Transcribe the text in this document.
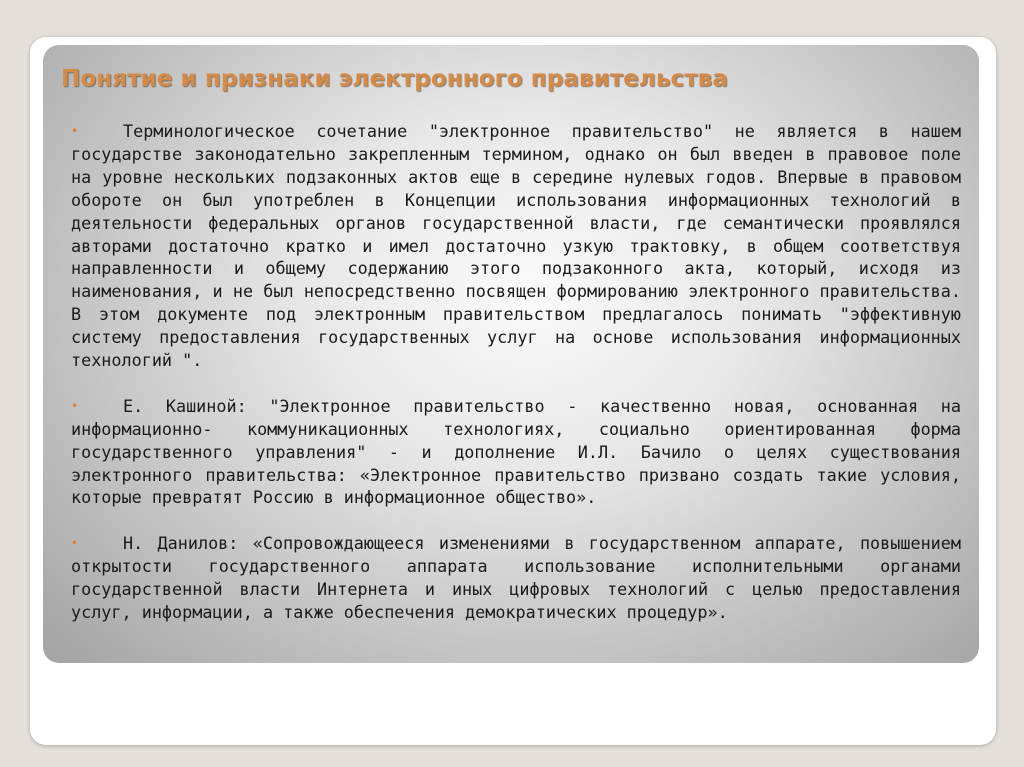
Понятие и признаки электронного правительства

•	Терминологическое сочетание "электронное правительство" не является в нашем государстве законодательно закрепленным термином, однако он был введен в правовое поле на уровне нескольких подзаконных актов еще в середине нулевых годов. Впервые в правовом обороте он был употреблен в Концепции использования информационных технологий в деятельности федеральных органов государственной власти, где семантически проявлялся авторами достаточно кратко и имел достаточно узкую трактовку, в общем соответствуя направленности и общему содержанию этого подзаконного акта, который, исходя из наименования, и не был непосредственно посвящен формированию электронного правительства. В этом документе под электронным правительством предлагалось понимать "эффективную систему предоставления государственных услуг на основе использования информационных технологий ".

•	Е. Кашиной: "Электронное правительство - качественно новая, основанная на информационно- коммуникационных технологиях, социально ориентированная форма государственного управления" - и дополнение И.Л. Бачило о целях существования электронного правительства: «Электронное правительство призвано создать такие условия, которые превратят Россию в информационное общество».

•	Н. Данилов: «Сопровождающееся изменениями в государственном аппарате, повышением открытости государственного аппарата использование исполнительными органами государственной власти Интернета и иных цифровых технологий с целью предоставления услуг, информации, а также обеспечения демократических процедур».
